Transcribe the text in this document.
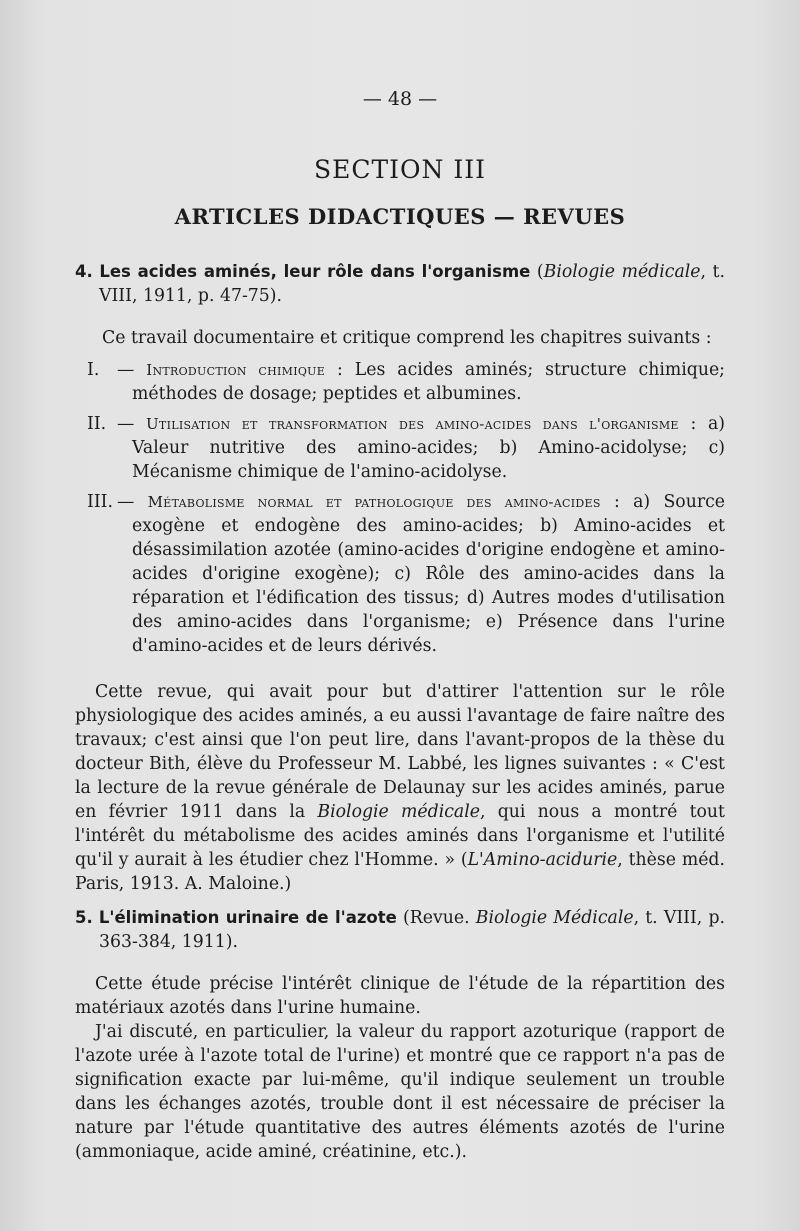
— 48 —
SECTION III
ARTICLES DIDACTIQUES — REVUES

4. Les acides aminés, leur rôle dans l'organisme (Biologie médicale, t. VIII, 1911, p. 47-75).

Ce travail documentaire et critique comprend les chapitres suivants :

I. — Introduction chimique : Les acides aminés; structure chimique; méthodes de dosage; peptides et albumines.

II. — Utilisation et transformation des amino-acides dans l'organisme : a) Valeur nutritive des amino-acides; b) Amino-acidolyse; c) Mécanisme chimique de l'amino-acidolyse.

III. — Métabolisme normal et pathologique des amino-acides : a) Source exogène et endogène des amino-acides; b) Amino-acides et désassimilation azotée (amino-acides d'origine endogène et amino-acides d'origine exogène); c) Rôle des amino-acides dans la réparation et l'édification des tissus; d) Autres modes d'utilisation des amino-acides dans l'organisme; e) Présence dans l'urine d'amino-acides et de leurs dérivés.

Cette revue, qui avait pour but d'attirer l'attention sur le rôle physiologique des acides aminés, a eu aussi l'avantage de faire naître des travaux; c'est ainsi que l'on peut lire, dans l'avant-propos de la thèse du docteur Bith, élève du Professeur M. Labbé, les lignes suivantes : « C'est la lecture de la revue générale de Delaunay sur les acides aminés, parue en février 1911 dans la Biologie médicale, qui nous a montré tout l'intérêt du métabolisme des acides aminés dans l'organisme et l'utilité qu'il y aurait à les étudier chez l'Homme. » (L'Amino-acidurie, thèse méd. Paris, 1913. A. Maloine.)

5. L'élimination urinaire de l'azote (Revue. Biologie Médicale, t. VIII, p. 363-384, 1911).

Cette étude précise l'intérêt clinique de l'étude de la répartition des matériaux azotés dans l'urine humaine.

J'ai discuté, en particulier, la valeur du rapport azoturique (rapport de l'azote urée à l'azote total de l'urine) et montré que ce rapport n'a pas de signification exacte par lui-même, qu'il indique seulement un trouble dans les échanges azotés, trouble dont il est nécessaire de préciser la nature par l'étude quantitative des autres éléments azotés de l'urine (ammoniaque, acide aminé, créatinine, etc.).
